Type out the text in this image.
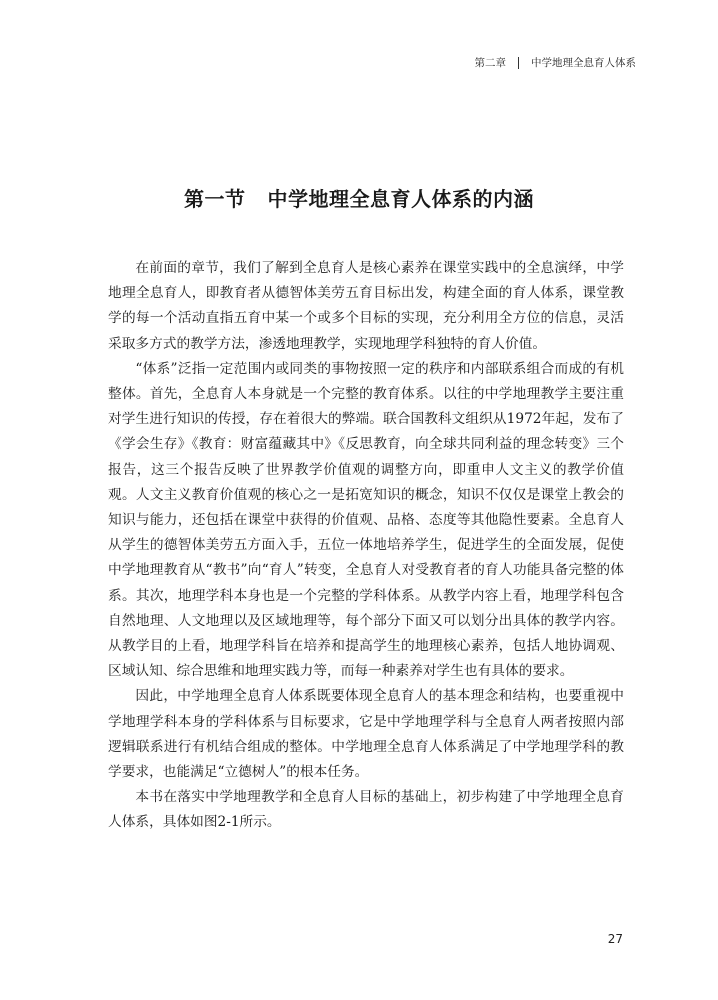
第二章 中学地理全息育人体系
第一节 中学地理全息育人体系的内涵

在前面的章节，我们了解到全息育人是核心素养在课堂实践中的全息演绎，中学地理全息育人，即教育者从德智体美劳五育目标出发，构建全面的育人体系，课堂教学的每一个活动直指五育中某一个或多个目标的实现，充分利用全方位的信息，灵活采取多方式的教学方法，渗透地理教学，实现地理学科独特的育人价值。

“体系”泛指一定范围内或同类的事物按照一定的秩序和内部联系组合而成的有机整体。首先，全息育人本身就是一个完整的教育体系。以往的中学地理教学主要注重对学生进行知识的传授，存在着很大的弊端。联合国教科文组织从1972年起，发布了《学会生存》《教育：财富蕴藏其中》《反思教育，向全球共同利益的理念转变》三个报告，这三个报告反映了世界教学价值观的调整方向，即重申人文主义的教学价值观。人文主义教育价值观的核心之一是拓宽知识的概念，知识不仅仅是课堂上教会的知识与能力，还包括在课堂中获得的价值观、品格、态度等其他隐性要素。全息育人从学生的德智体美劳五方面入手，五位一体地培养学生，促进学生的全面发展，促使中学地理教育从“教书”向“育人”转变，全息育人对受教育者的育人功能具备完整的体系。其次，地理学科本身也是一个完整的学科体系。从教学内容上看，地理学科包含自然地理、人文地理以及区域地理等，每个部分下面又可以划分出具体的教学内容。从教学目的上看，地理学科旨在培养和提高学生的地理核心素养，包括人地协调观、区域认知、综合思维和地理实践力等，而每一种素养对学生也有具体的要求。

因此，中学地理全息育人体系既要体现全息育人的基本理念和结构，也要重视中学地理学科本身的学科体系与目标要求，它是中学地理学科与全息育人两者按照内部逻辑联系进行有机结合组成的整体。中学地理全息育人体系满足了中学地理学科的教学要求，也能满足“立德树人”的根本任务。

本书在落实中学地理教学和全息育人目标的基础上，初步构建了中学地理全息育人体系，具体如图2-1所示。

27
